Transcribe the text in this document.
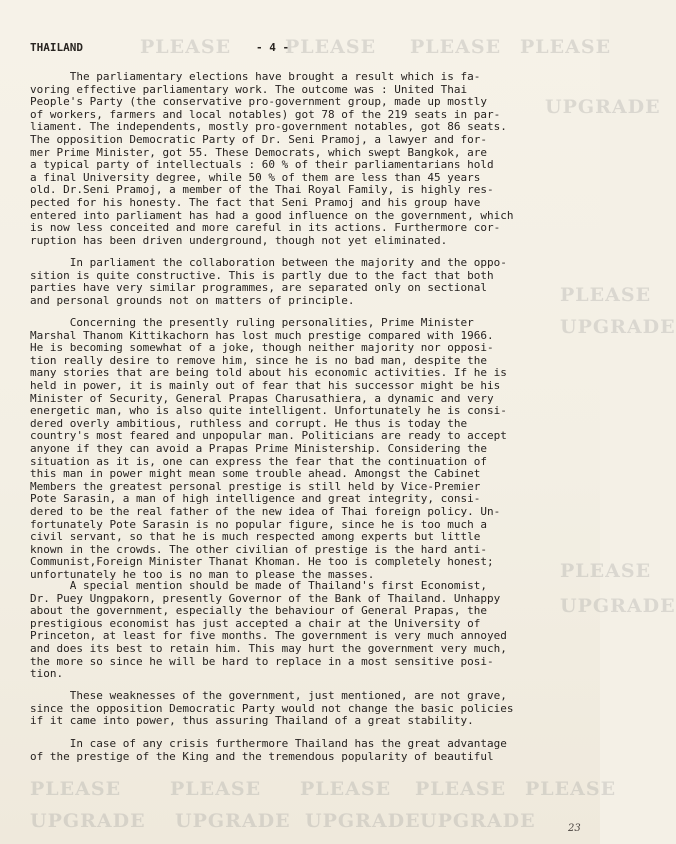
PLEASE	PLEASE PLEASE PLEASE
UPGRADE
PLEASE
UPGRADE
PLEASE
UPGRADE
PLEASE	PLEASE PLEASE PLEASE PLEASE
UPGRADE UPGRADE UPGRADE UPGRADE
THAILAND	- 4 -
The parliamentary elections have brought a result which is fa-
voring effective parliamentary work. The outcome was : United Thai
People's Party (the conservative pro-government group, made up mostly
of workers, farmers and local notables) got 78 of the 219 seats in par-
liament. The independents, mostly pro-government notables, got 86 seats.
The opposition Democratic Party of Dr. Seni Pramoj, a lawyer and for-
mer Prime Minister, got 55. These Democrats, which swept Bangkok, are
a typical party of intellectuals : 60 % of their parliamentarians hold
a final University degree, while 50 % of them are less than 45 years
old. Dr.Seni Pramoj, a member of the Thai Royal Family, is highly res-
pected for his honesty. The fact that Seni Pramoj and his group have
entered into parliament has had a good influence on the government, which
is now less conceited and more careful in its actions. Furthermore cor-
ruption has been driven underground, though not yet eliminated.
In parliament the collaboration between the majority and the oppo-
sition is quite constructive. This is partly due to the fact that both
parties have very similar programmes, are separated only on sectional
and personal grounds not on matters of principle.
Concerning the presently ruling personalities, Prime Minister
Marshal Thanom Kittikachorn has lost much prestige compared with 1966.
He is becoming somewhat of a joke, though neither majority nor opposi-
tion really desire to remove him, since he is no bad man, despite the
many stories that are being told about his economic activities. If he is
held in power, it is mainly out of fear that his successor might be his
Minister of Security, General Prapas Charusathiera, a dynamic and very
energetic man, who is also quite intelligent. Unfortunately he is consi-
dered overly ambitious, ruthless and corrupt. He thus is today the
country's most feared and unpopular man. Politicians are ready to accept
anyone if they can avoid a Prapas Prime Ministership. Considering the
situation as it is, one can express the fear that the continuation of
this man in power might mean some trouble ahead. Amongst the Cabinet
Members the greatest personal prestige is still held by Vice-Premier
Pote Sarasin, a man of high intelligence and great integrity, consi-
dered to be the real father of the new idea of Thai foreign policy. Un-
fortunately Pote Sarasin is no popular figure, since he is too much a
civil servant, so that he is much respected among experts but little
known in the crowds. The other civilian of prestige is the hard anti-
Communist,Foreign Minister Thanat Khoman. He too is completely honest;
unfortunately he too is no man to please the masses.
A special mention should be made of Thailand's first Economist,
Dr. Puey Ungpakorn, presently Governor of the Bank of Thailand. Unhappy
about the government, especially the behaviour of General Prapas, the
prestigious economist has just accepted a chair at the University of
Princeton, at least for five months. The government is very much annoyed
and does its best to retain him. This may hurt the government very much,
the more so since he will be hard to replace in a most sensitive posi-
tion.
These weaknesses of the government, just mentioned, are not grave,
since the opposition Democratic Party would not change the basic policies
if it came into power, thus assuring Thailand of a great stability.
In case of any crisis furthermore Thailand has the great advantage
of the prestige of the King and the tremendous popularity of beautiful
23
